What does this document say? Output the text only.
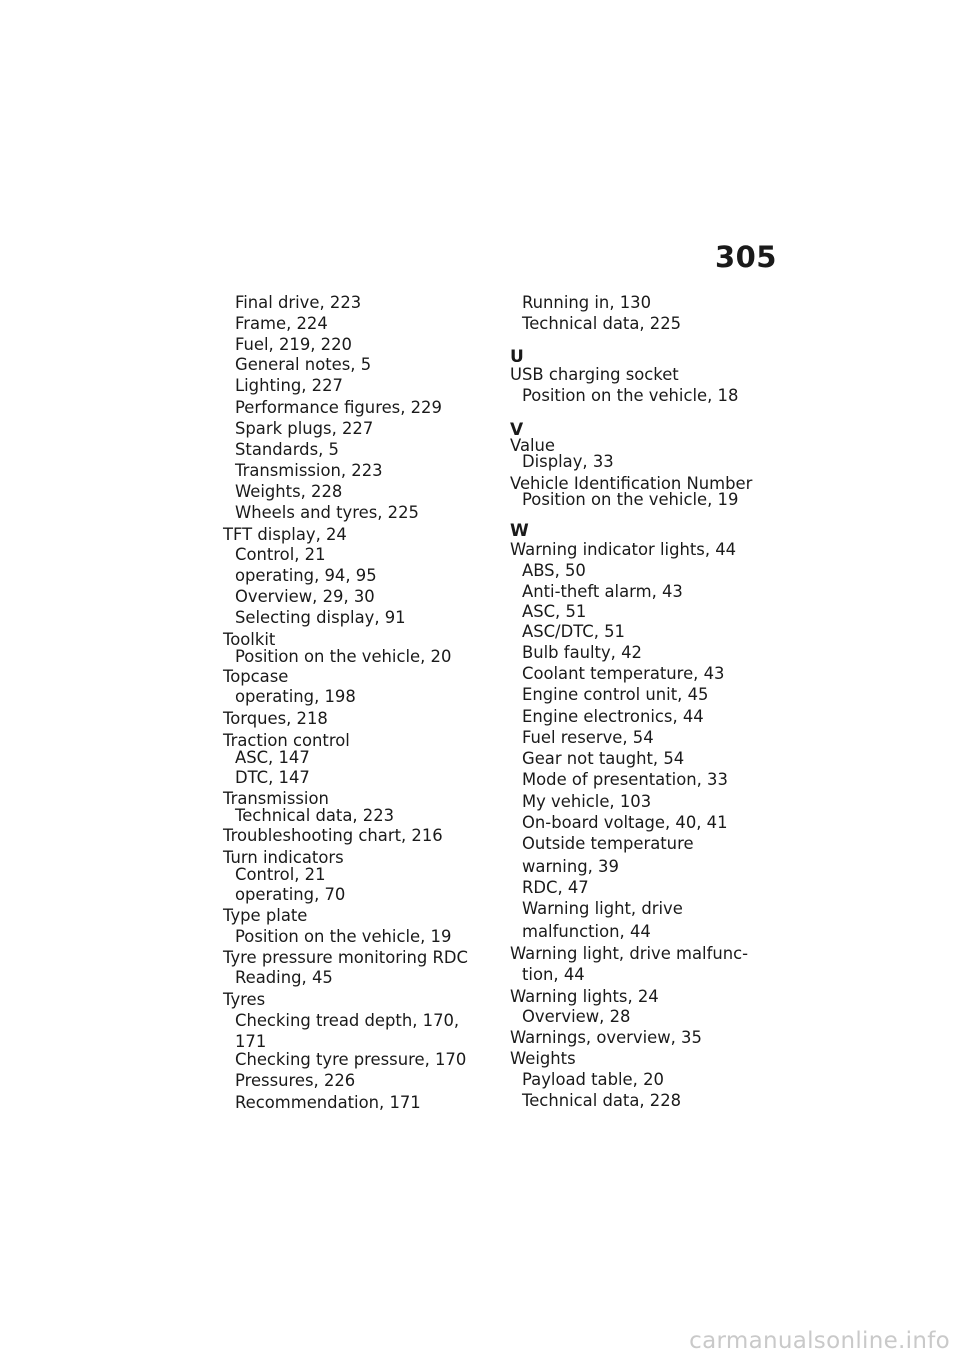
305
Final drive, 223
Frame, 224
Fuel, 219, 220
General notes, 5
Lighting, 227
Performance figures, 229
Spark plugs, 227
Standards, 5
Transmission, 223
Weights, 228
Wheels and tyres, 225
TFT display, 24
Control, 21
operating, 94, 95
Overview, 29, 30
Selecting display, 91
Toolkit
Position on the vehicle, 20
Topcase
operating, 198
Torques, 218
Traction control
ASC, 147
DTC, 147
Transmission
Technical data, 223
Troubleshooting chart, 216
Turn indicators
Control, 21
operating, 70
Type plate
Position on the vehicle, 19
Tyre pressure monitoring RDC
Reading, 45
Tyres
Checking tread depth, 170,
171
Checking tyre pressure, 170
Pressures, 226
Recommendation, 171
Running in, 130
Technical data, 225
U
USB charging socket
Position on the vehicle, 18
V
Value
Display, 33
Vehicle Identification Number
Position on the vehicle, 19
W
Warning indicator lights, 44
ABS, 50
Anti-theft alarm, 43
ASC, 51
ASC/DTC, 51
Bulb faulty, 42
Coolant temperature, 43
Engine control unit, 45
Engine electronics, 44
Fuel reserve, 54
Gear not taught, 54
Mode of presentation, 33
My vehicle, 103
On-board voltage, 40, 41
Outside temperature
warning, 39
RDC, 47
Warning light, drive
malfunction, 44
Warning light, drive malfunc-
tion, 44
Warning lights, 24
Overview, 28
Warnings, overview, 35
Weights
Payload table, 20
Technical data, 228
carmanualsonline.info
